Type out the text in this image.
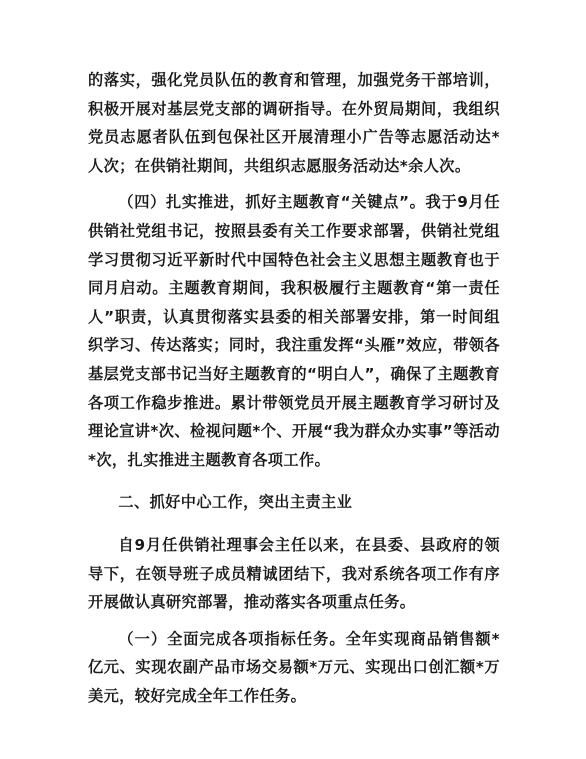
的落实，强化党员队伍的教育和管理，加强党务干部培训，积极开展对基层党支部的调研指导。在外贸局期间，我组织党员志愿者队伍到包保社区开展清理小广告等志愿活动达*人次；在供销社期间，共组织志愿服务活动达*余人次。

（四）扎实推进，抓好主题教育“关键点”。我于9月任供销社党组书记，按照县委有关工作要求部署，供销社党组学习贯彻习近平新时代中国特色社会主义思想主题教育也于同月启动。主题教育期间，我积极履行主题教育“第一责任人”职责，认真贯彻落实县委的相关部署安排，第一时间组织学习、传达落实；同时，我注重发挥“头雁”效应，带领各基层党支部书记当好主题教育的“明白人”，确保了主题教育各项工作稳步推进。累计带领党员开展主题教育学习研讨及理论宣讲*次、检视问题*个、开展“我为群众办实事”等活动*次，扎实推进主题教育各项工作。

二、抓好中心工作，突出主责主业

自9月任供销社理事会主任以来，在县委、县政府的领导下，在领导班子成员精诚团结下，我对系统各项工作有序开展做认真研究部署，推动落实各项重点任务。

（一）全面完成各项指标任务。全年实现商品销售额*亿元、实现农副产品市场交易额*万元、实现出口创汇额*万美元，较好完成全年工作任务。
